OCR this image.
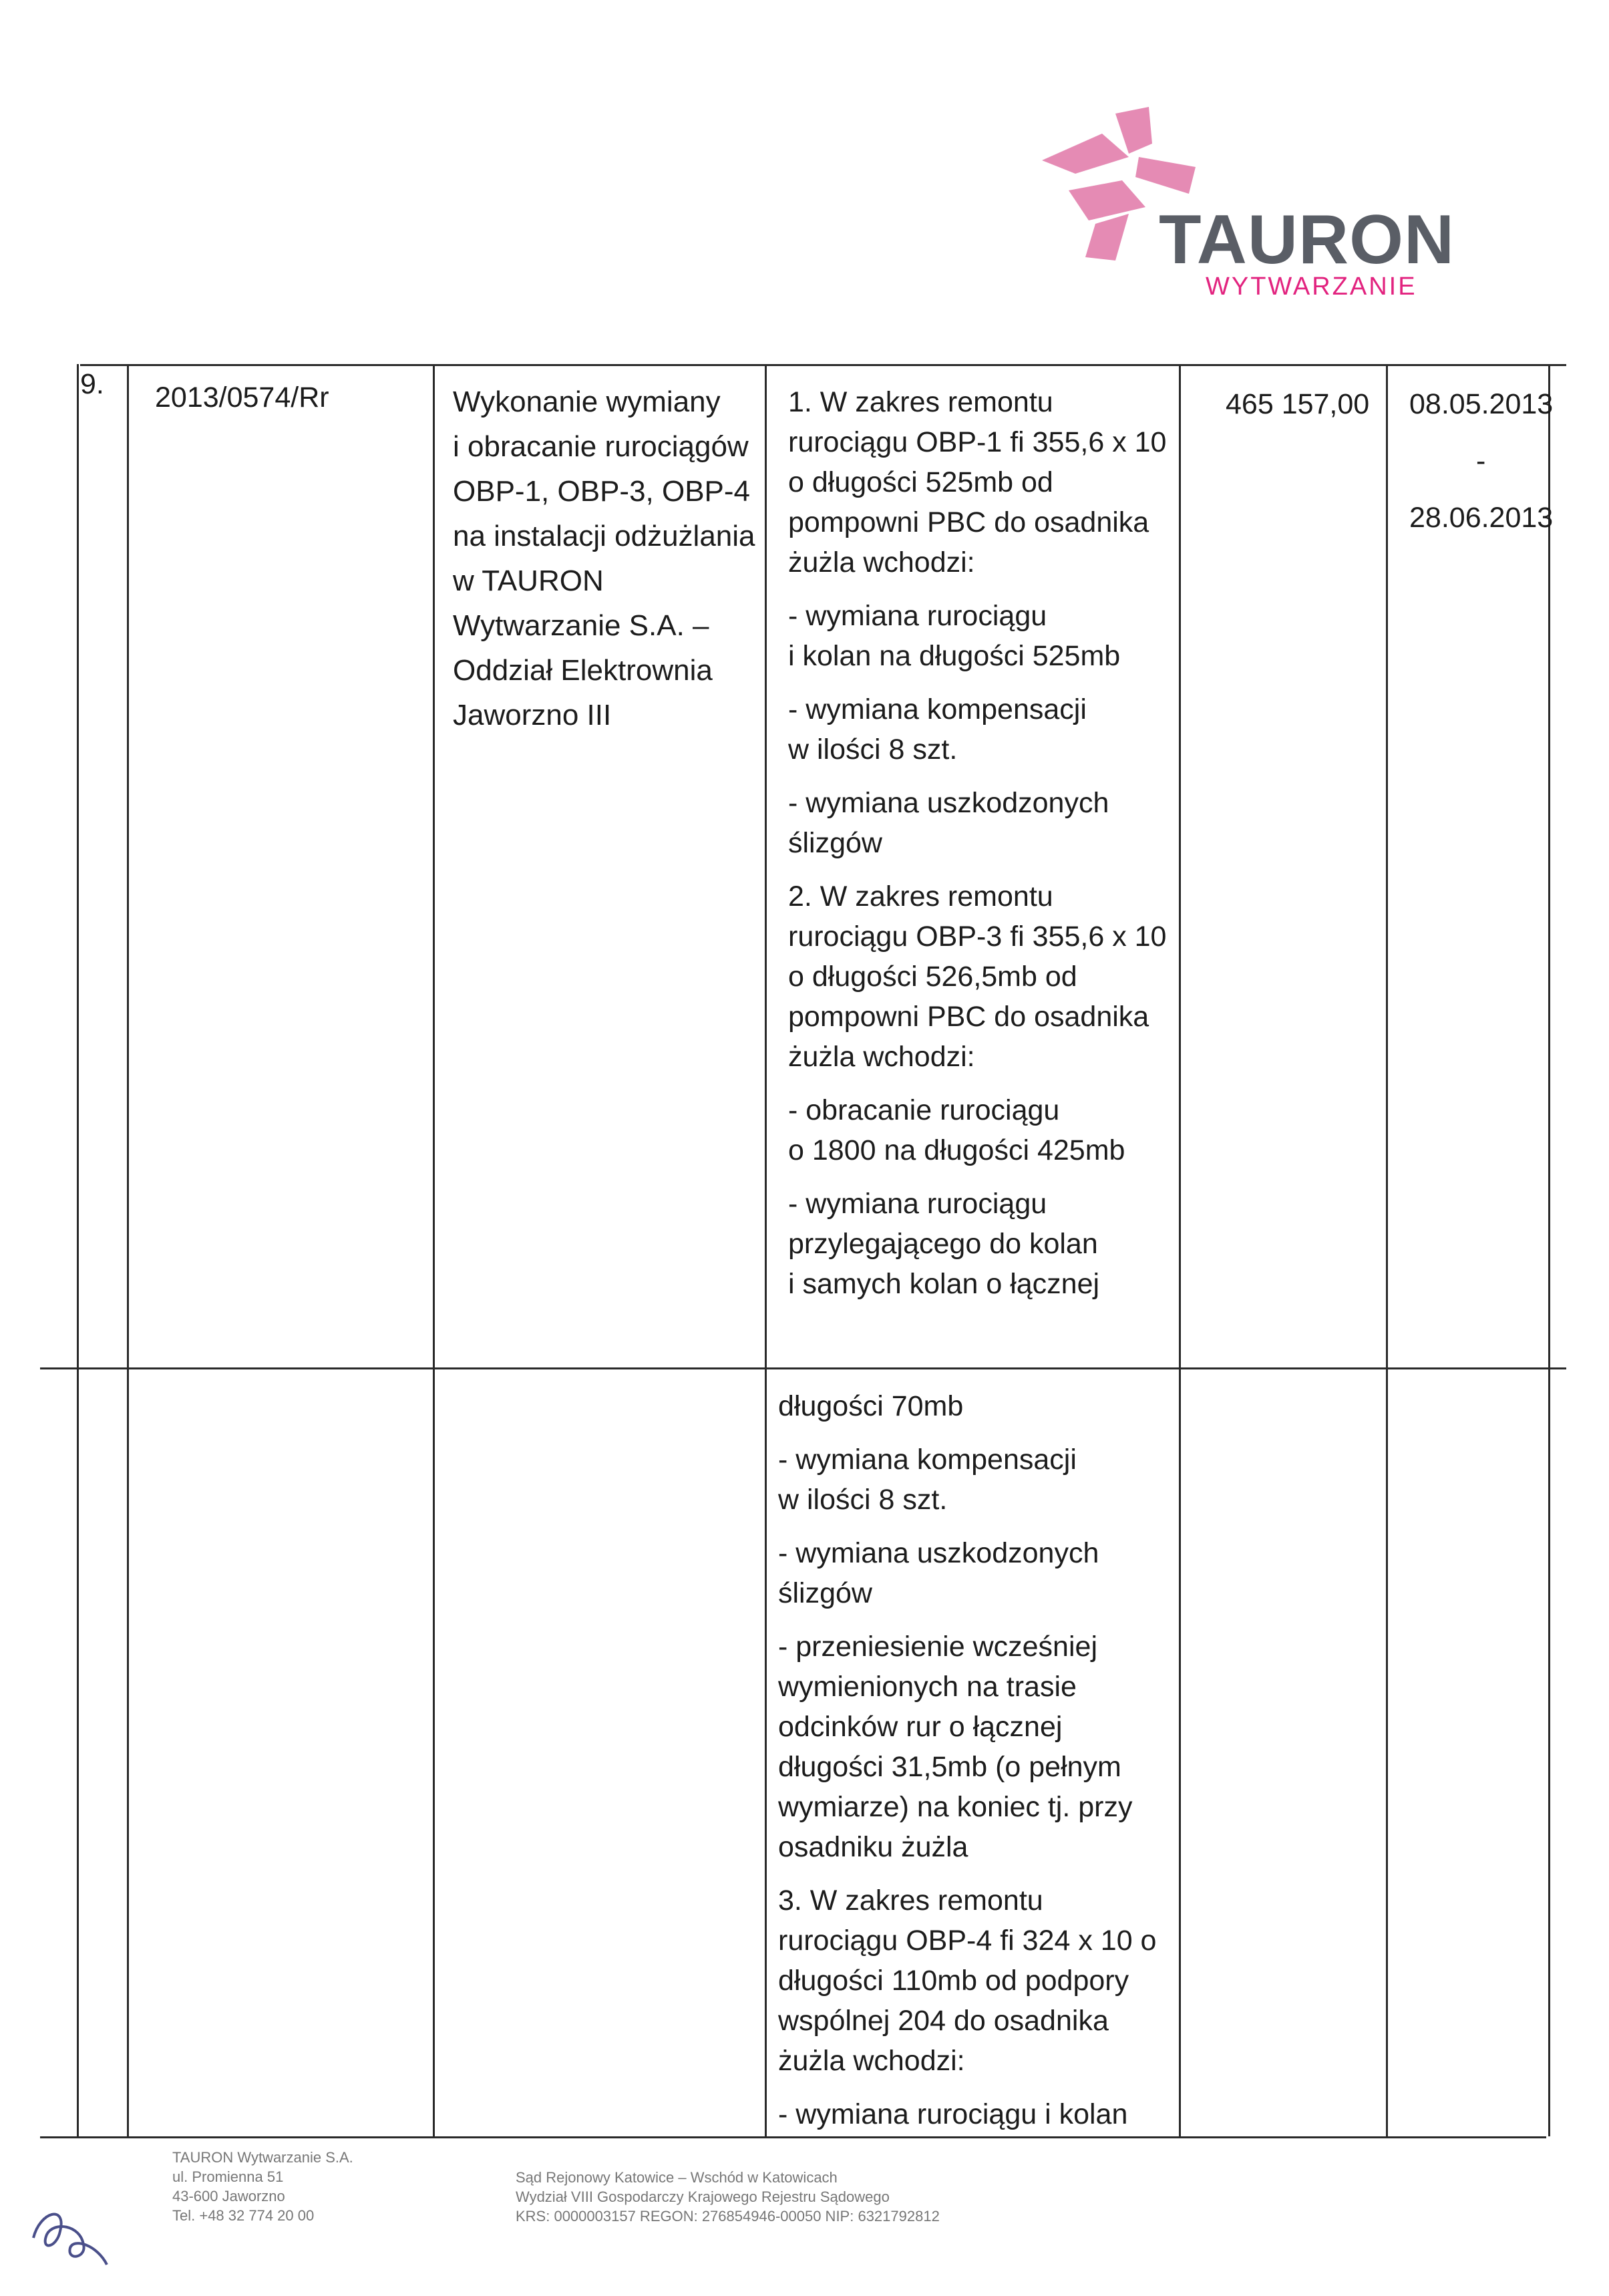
TAURON
WYTWARZANIE
9. 2013/0574/Rr	Wykonanie wymiany
i obracanie rurociągów
OBP-1, OBP-3, OBP-4
na instalacji odżużlania
w TAURON
Wytwarzanie S.A. –
Oddział Elektrownia
Jaworzno III
1. W zakres remontu
rurociągu OBP-1 fi 355,6 x 10
o długości 525mb od
pompowni PBC do osadnika
żużla wchodzi:
- wymiana rurociągu
i kolan na długości 525mb
- wymiana kompensacji
w ilości 8 szt.
- wymiana uszkodzonych
ślizgów
2. W zakres remontu
rurociągu OBP-3 fi 355,6 x 10
o długości 526,5mb od
pompowni PBC do osadnika
żużla wchodzi:
- obracanie rurociągu
o 1800 na długości 425mb
- wymiana rurociągu
przylegającego do kolan
i samych kolan o łącznej
465 157,00 08.05.2013
-
28.06.2013
długości 70mb
- wymiana kompensacji
w ilości 8 szt.
- wymiana uszkodzonych
ślizgów
- przeniesienie wcześniej
wymienionych na trasie
odcinków rur o łącznej
długości 31,5mb (o pełnym
wymiarze) na koniec tj. przy
osadniku żużla
3. W zakres remontu
rurociągu OBP-4 fi 324 x 10 o
długości 110mb od podpory
wspólnej 204 do osadnika
żużla wchodzi:
- wymiana rurociągu i kolan
TAURON Wytwarzanie S.A.
ul. Promienna 51
43-600 Jaworzno
Tel. +48 32 774 20 00
Sąd Rejonowy Katowice – Wschód w Katowicach
Wydział VIII Gospodarczy Krajowego Rejestru Sądowego
KRS: 0000003157 REGON: 276854946-00050 NIP: 6321792812
